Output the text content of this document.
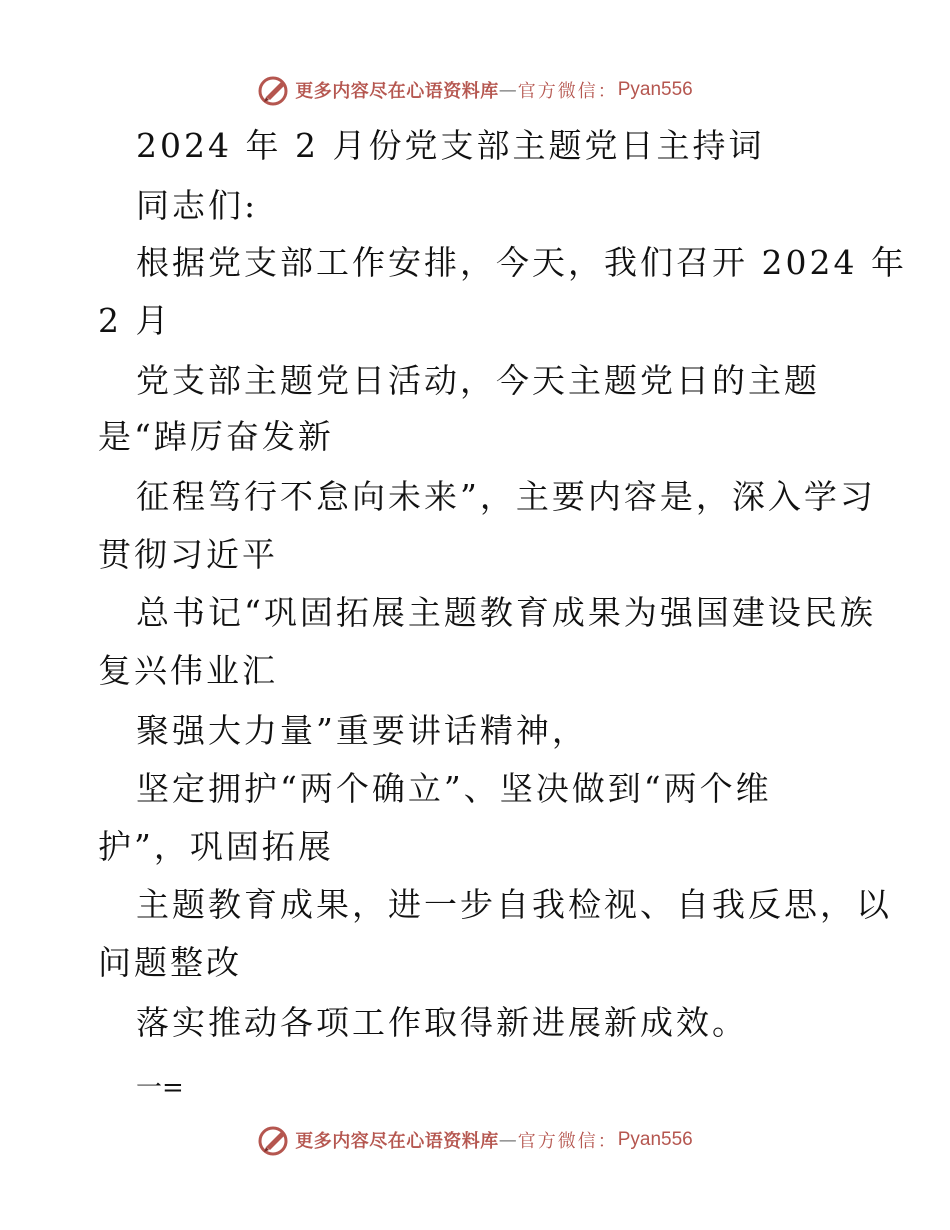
更多内容尽在心语资料库 — 官方微信： Pyan556
2024 年 2 月份党支部主题党日主持词
同志们:
根据党支部工作安排，今天，我们召开 2024 年
2 月
党支部主题党日活动，今天主题党日的主题
是“踔厉奋发新
征程笃行不怠向未来”，主要内容是，深入学习
贯彻习近平
总书记“巩固拓展主题教育成果为强国建设民族
复兴伟业汇
聚强大力量”重要讲话精神，
坚定拥护“两个确立”、坚决做到“两个维
护”，巩固拓展
主题教育成果，进一步自我检视、自我反思，以
问题整改
落实推动各项工作取得新进展新成效。
一=
更多内容尽在心语资料库 — 官方微信： Pyan556
